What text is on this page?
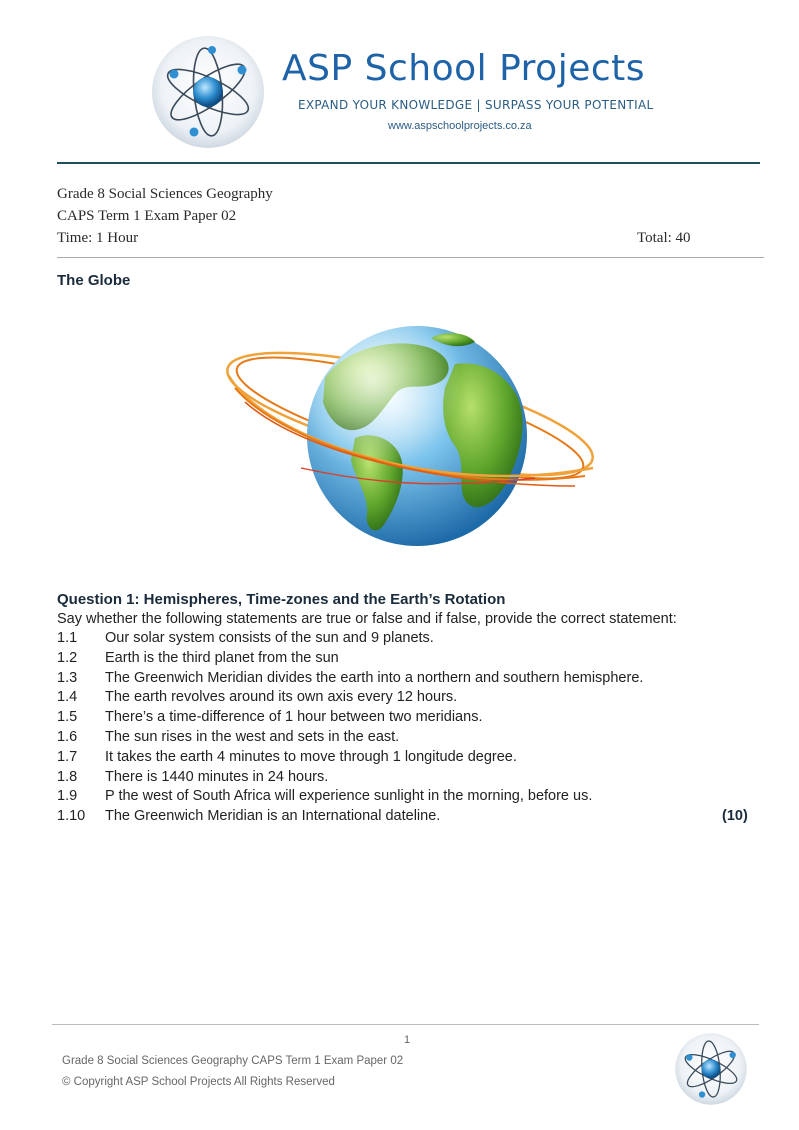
ASP School Projects
EXPAND YOUR KNOWLEDGE | SURPASS YOUR POTENTIAL
www.aspschoolprojects.co.za
Grade 8 Social Sciences Geography
CAPS Term 1 Exam Paper 02
Time: 1 Hour	Total: 40
The Globe
Question 1: Hemispheres, Time-zones and the Earth’s Rotation
Say whether the following statements are true or false and if false, provide the correct statement:
1.1	Our solar system consists of the sun and 9 planets.
1.2	Earth is the third planet from the sun
1.3	The Greenwich Meridian divides the earth into a northern and southern hemisphere.
1.4	The earth revolves around its own axis every 12 hours.
1.5	There’s a time-difference of 1 hour between two meridians.
1.6	The sun rises in the west and sets in the east.
1.7	It takes the earth 4 minutes to move through 1 longitude degree.
1.8	There is 1440 minutes in 24 hours.
1.9	P the west of South Africa will experience sunlight in the morning, before us.
1.10	The Greenwich Meridian is an International dateline.	(10)
1
Grade 8 Social Sciences Geography CAPS Term 1 Exam Paper 02
© Copyright ASP School Projects All Rights Reserved
